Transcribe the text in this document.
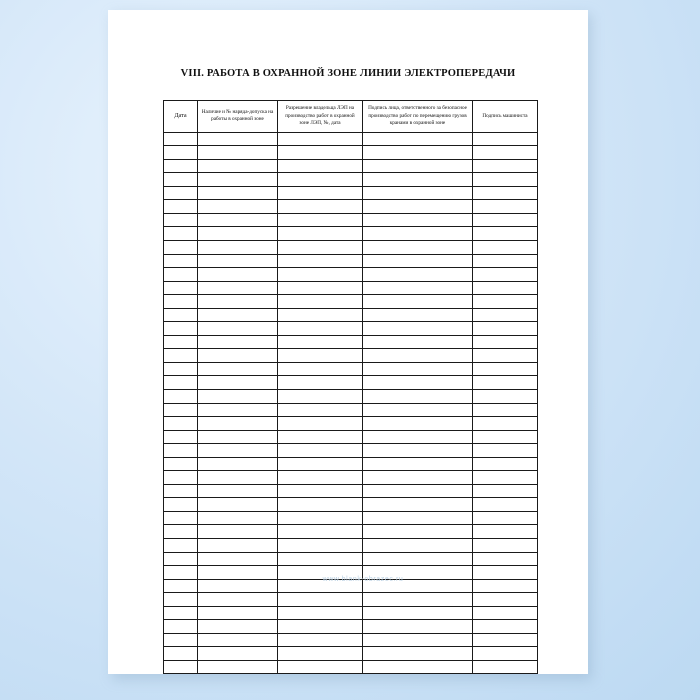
VIII. РАБОТА В ОХРАННОЙ ЗОНЕ ЛИНИИ ЭЛЕКТРОПЕРЕДАЧИ
Дата	Наличие и № наряда-допуска на работы в охранной зоне	Разрешение владельца ЛЭП на производство работ в охранной зоне ЛЭП, №, дата	Подпись лица, ответственного за безопасное производство работ по перемещению грузов кранами в охранной зоне	Подпись машиниста

www.blank-obrazec.ru
